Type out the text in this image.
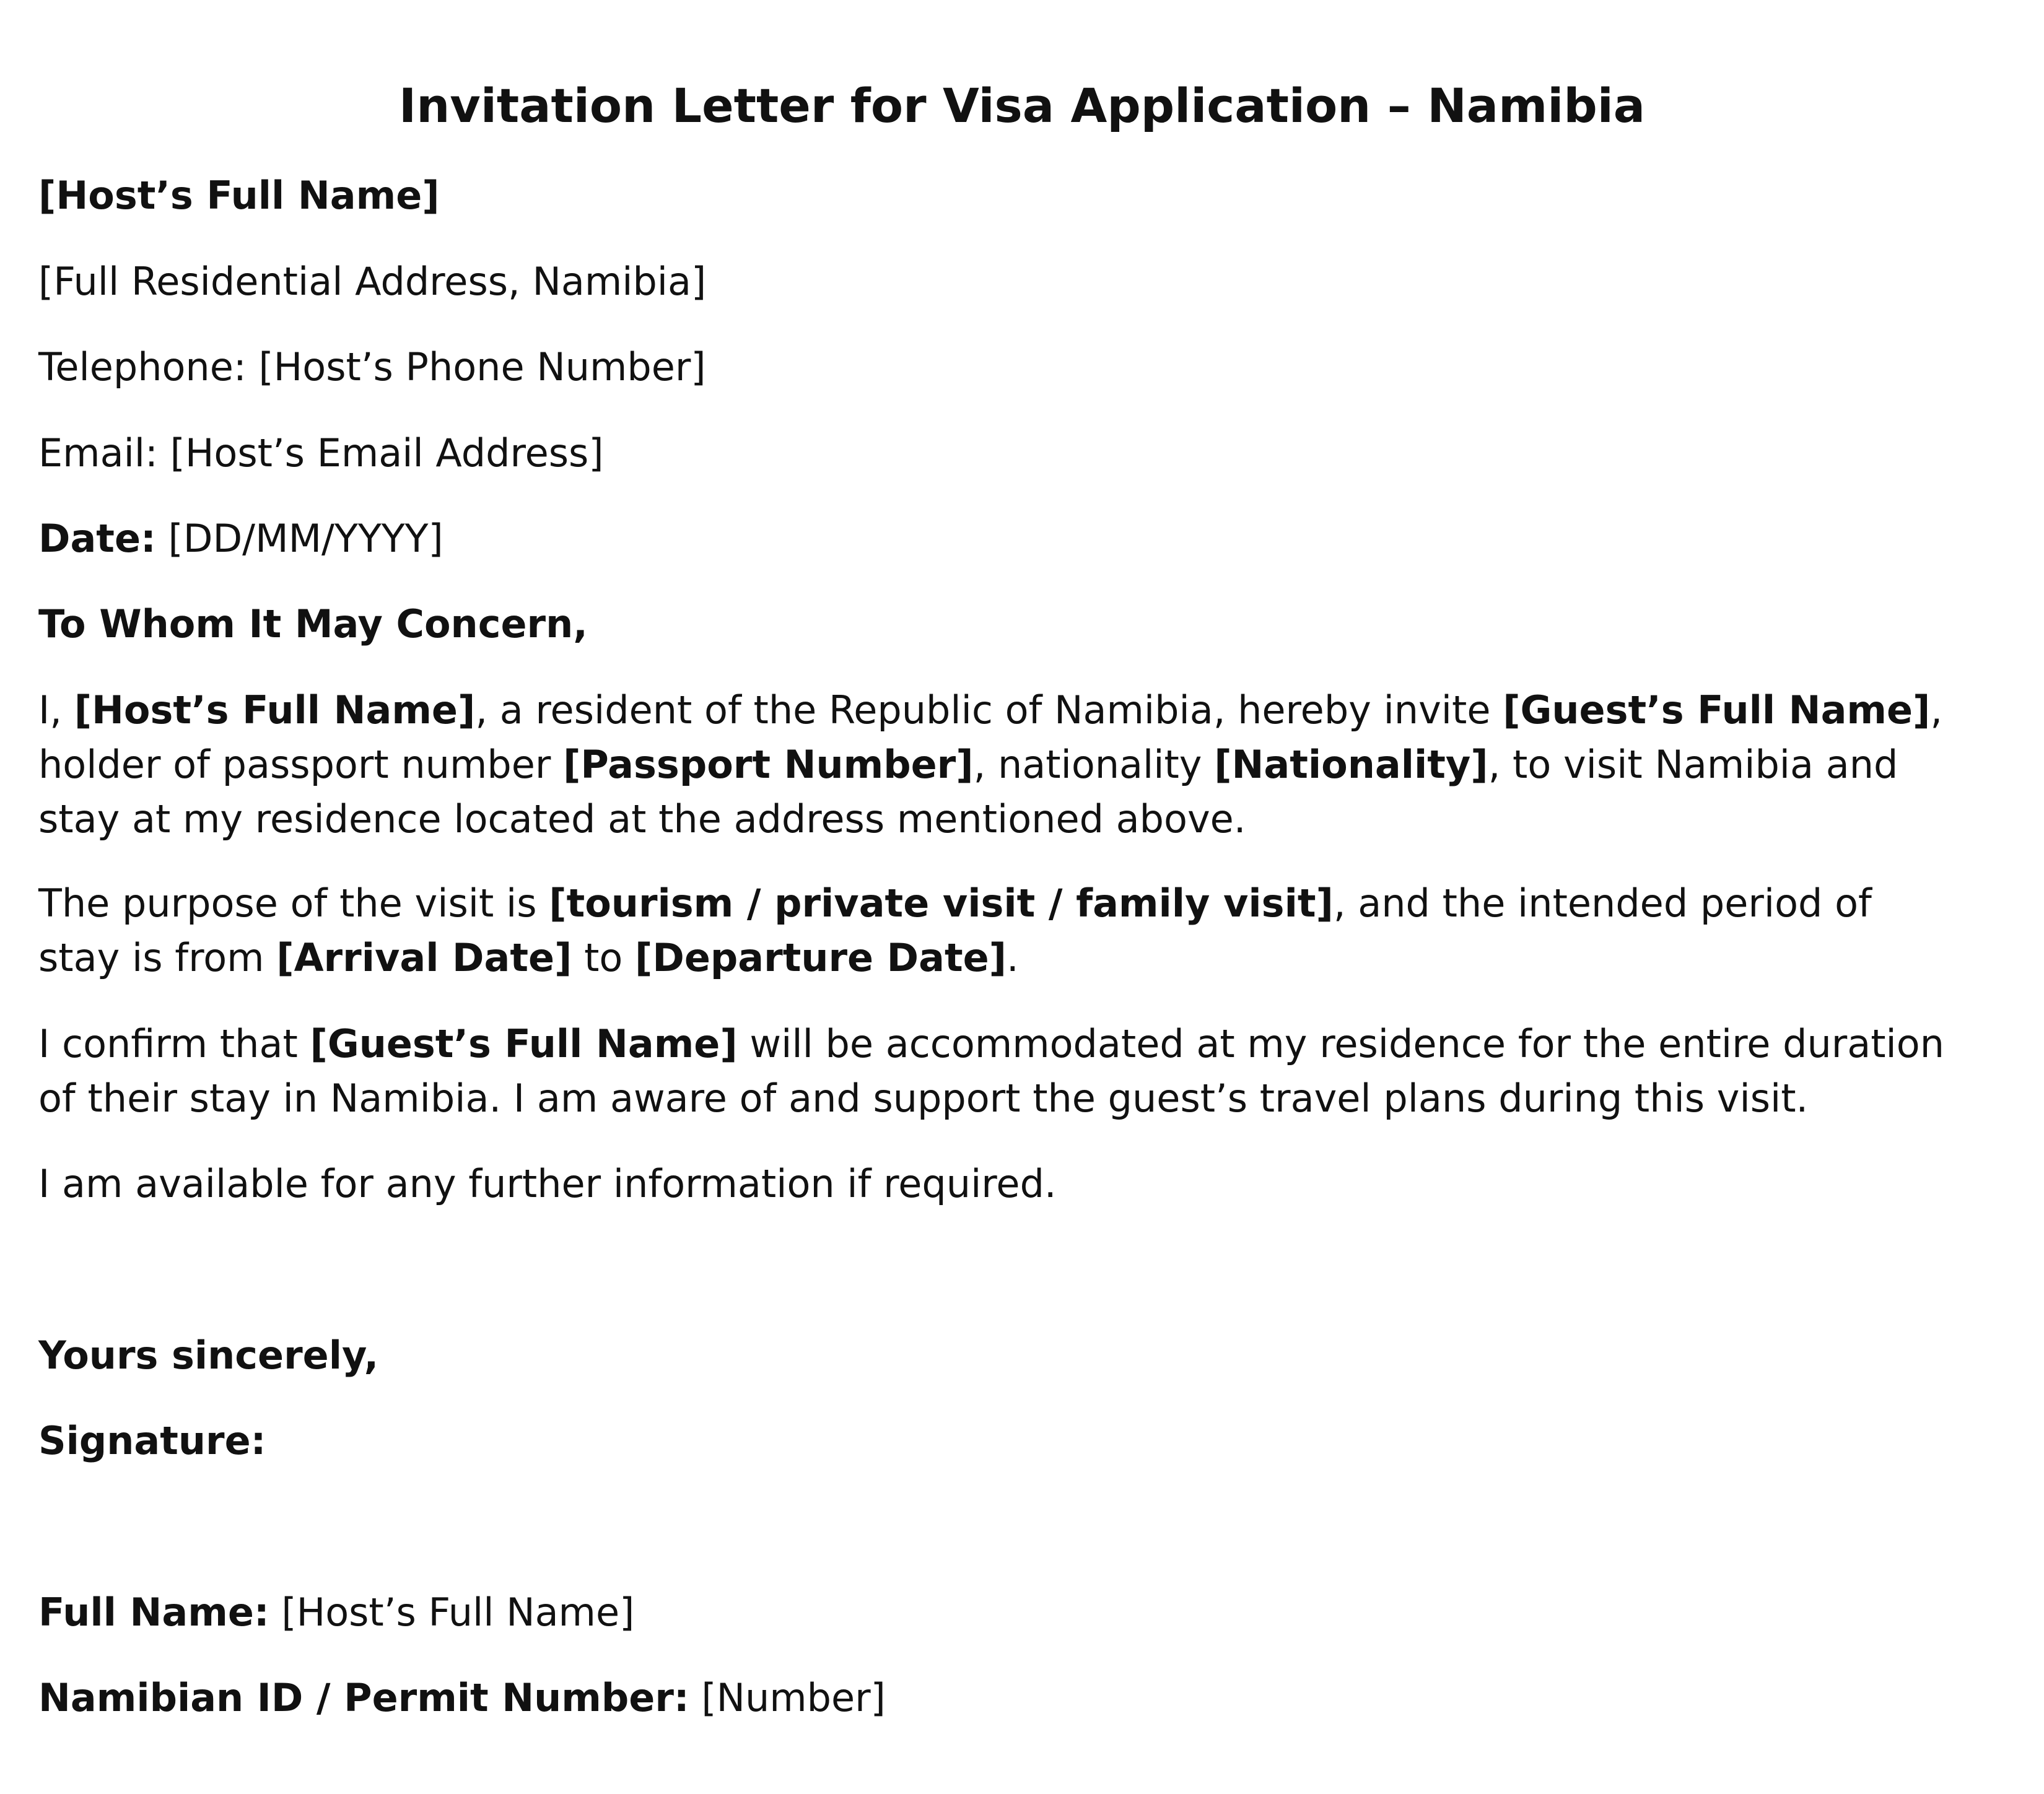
Invitation Letter for Visa Application – Namibia

[Host’s Full Name]

[Full Residential Address, Namibia]

Telephone: [Host’s Phone Number]

Email: [Host’s Email Address]

Date: [DD/MM/YYYY]

To Whom It May Concern,

I, [Host’s Full Name], a resident of the Republic of Namibia, hereby invite [Guest’s Full Name],
holder of passport number [Passport Number], nationality [Nationality], to visit Namibia and
stay at my residence located at the address mentioned above.

The purpose of the visit is [tourism / private visit / family visit], and the intended period of
stay is from [Arrival Date] to [Departure Date].

I confirm that [Guest’s Full Name] will be accommodated at my residence for the entire duration
of their stay in Namibia. I am aware of and support the guest’s travel plans during this visit.

I am available for any further information if required.

Yours sincerely,

Signature:

Full Name: [Host’s Full Name]

Namibian ID / Permit Number: [Number]
